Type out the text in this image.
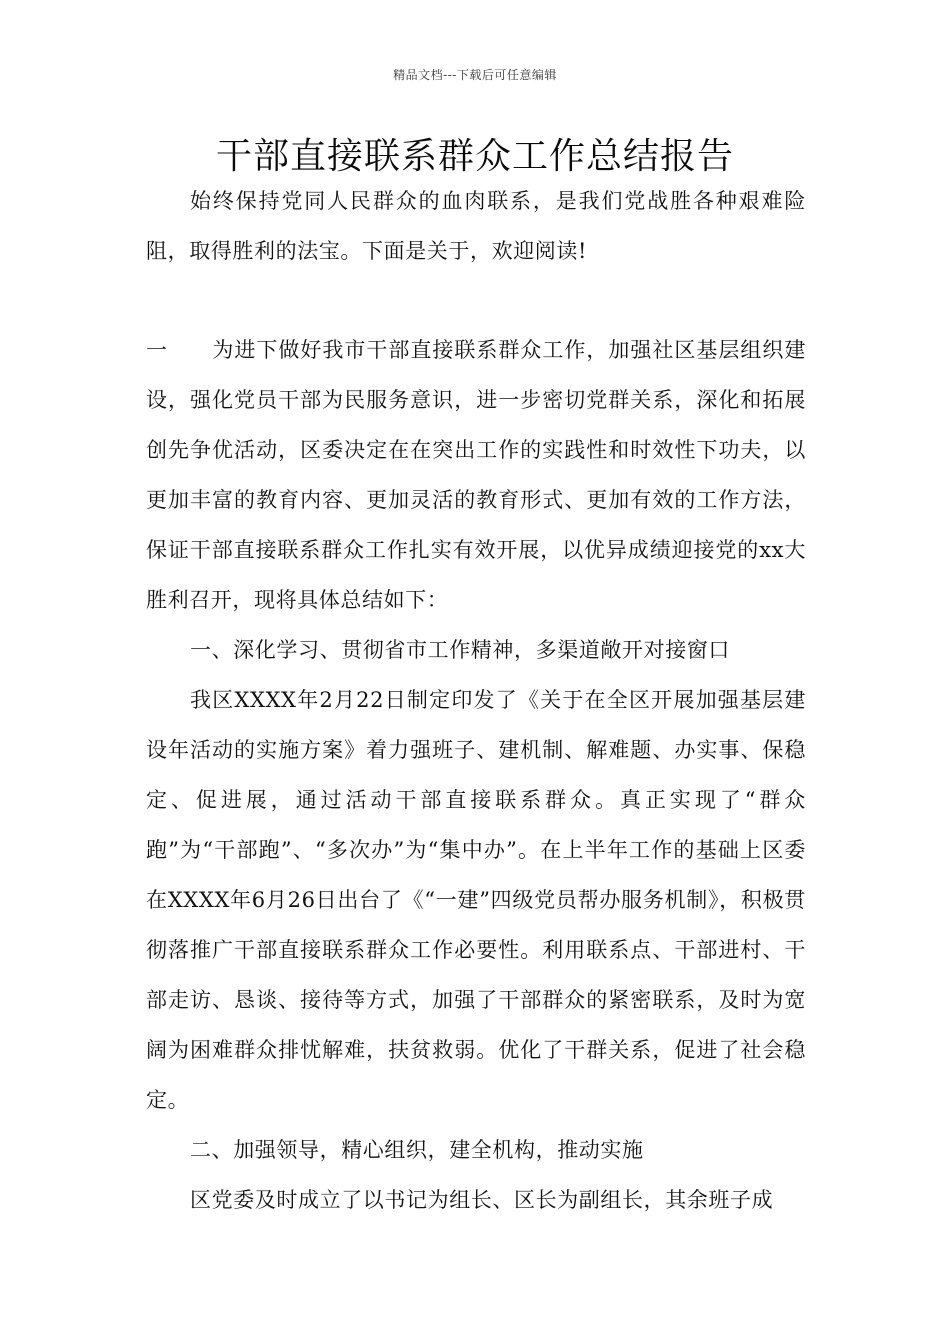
精品文档---下载后可任意编辑
干部直接联系群众工作总结报告

始终保持党同人民群众的血肉联系，是我们党战胜各种艰难险阻，取得胜利的法宝。下面是关于，欢迎阅读!

一 为进下做好我市干部直接联系群众工作，加强社区基层组织建设，强化党员干部为民服务意识，进一步密切党群关系，深化和拓展创先争优活动，区委决定在在突出工作的实践性和时效性下功夫，以更加丰富的教育内容、更加灵活的教育形式、更加有效的工作方法，保证干部直接联系群众工作扎实有效开展，以优异成绩迎接党的xx大胜利召开，现将具体总结如下：

一、深化学习、贯彻省市工作精神，多渠道敞开对接窗口

我区XXXX年2月22日制定印发了《关于在全区开展加强基层建设年活动的实施方案》着力强班子、建机制、解难题、办实事、保稳定、促进展，通过活动干部直接联系群众。真正实现了“群众跑”为“干部跑”、“多次办”为“集中办”。在上半年工作的基础上区委在XXXX年6月26日出台了《“一建”四级党员帮办服务机制》，积极贯彻落推广干部直接联系群众工作必要性。利用联系点、干部进村、干部走访、恳谈、接待等方式，加强了干部群众的紧密联系，及时为宽阔为困难群众排忧解难，扶贫救弱。优化了干群关系，促进了社会稳定。

二、加强领导，精心组织，建全机构，推动实施

区党委及时成立了以书记为组长、区长为副组长，其余班子成
